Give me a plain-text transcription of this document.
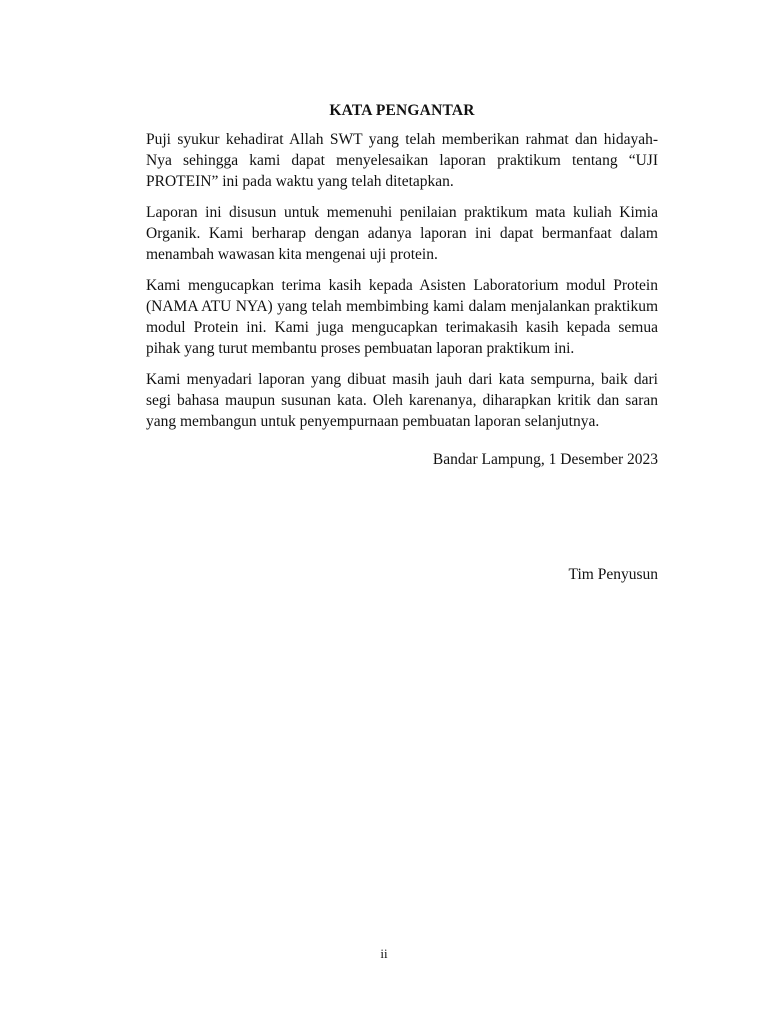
KATA PENGANTAR

Puji syukur kehadirat Allah SWT yang telah memberikan rahmat dan hidayah-Nya sehingga kami dapat menyelesaikan laporan praktikum tentang “UJI PROTEIN” ini pada waktu yang telah ditetapkan.

Laporan ini disusun untuk memenuhi penilaian praktikum mata kuliah Kimia Organik. Kami berharap dengan adanya laporan ini dapat bermanfaat dalam menambah wawasan kita mengenai uji protein.

Kami mengucapkan terima kasih kepada Asisten Laboratorium modul Protein (NAMA ATU NYA) yang telah membimbing kami dalam menjalankan praktikum modul Protein ini. Kami juga mengucapkan terimakasih kasih kepada semua pihak yang turut membantu proses pembuatan laporan praktikum ini.

Kami menyadari laporan yang dibuat masih jauh dari kata sempurna, baik dari segi bahasa maupun susunan kata. Oleh karenanya, diharapkan kritik dan saran yang membangun untuk penyempurnaan pembuatan laporan selanjutnya.

Bandar Lampung, 1 Desember 2023

Tim Penyusun

ii
